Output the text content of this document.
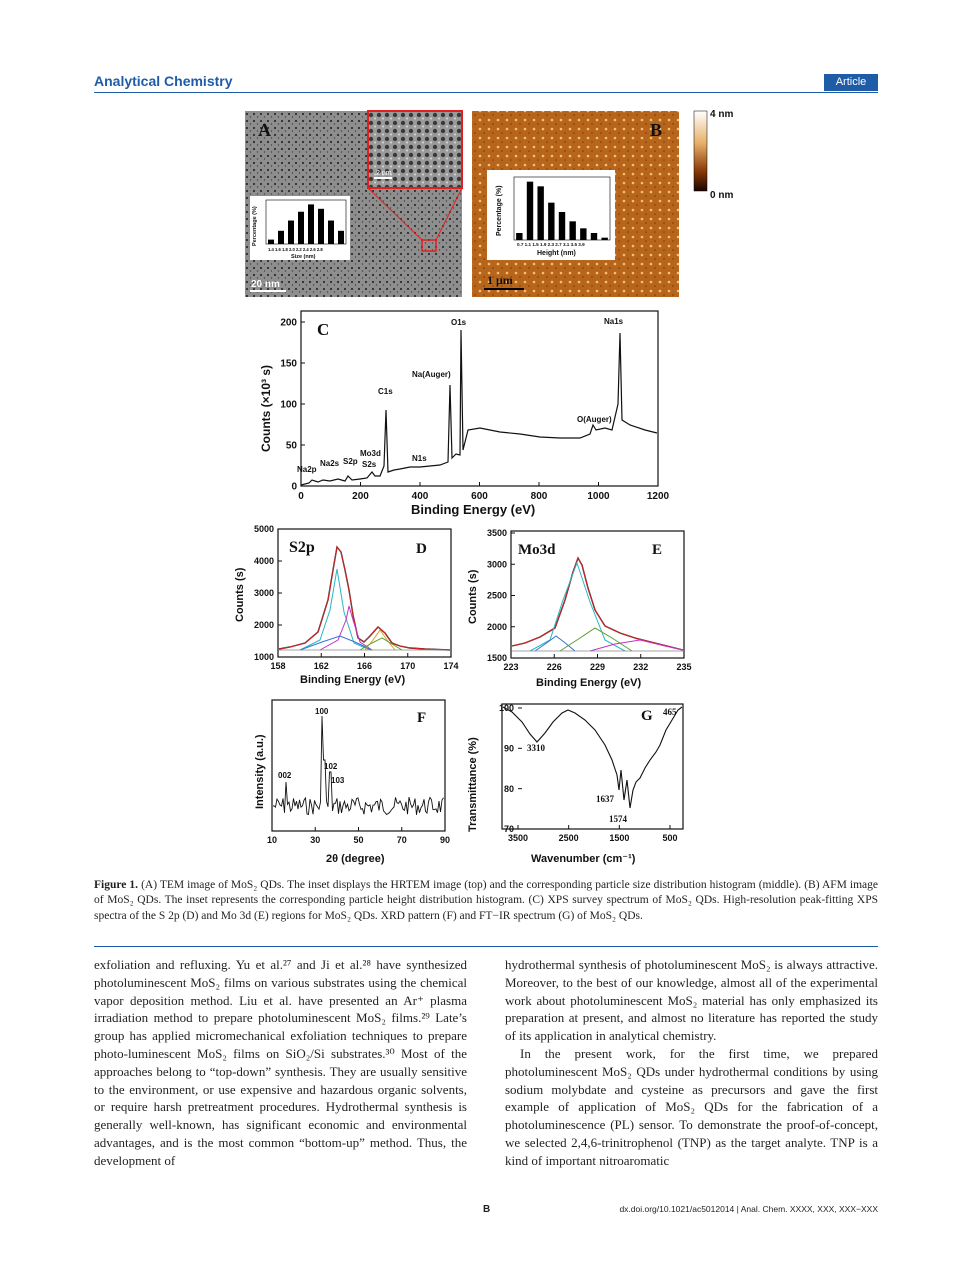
Analytical Chemistry	Article
A
2 nm
Percentage (%)
1.4 1.6 1.8 2.0 2.2 2.4 2.6 2.8
Size (nm)
20 nm
B
Percentage (%)
0.7 1.1 1.5 1.9 2.3 2.7 3.1 3.5 3.9
Height (nm)
1 μm
4 nm
0 nm
0	200	400	600	800	1000	1200
0
50
100
150
200 C
Counts (×10³ s)
Binding Energy (eV)
O1s	Na1s
Na(Auger)
C1s
O(Auger)
Mo3d
N1s
Na2p
Na2s S2p S2s
158	162	166	170	174
1000
2000
3000
4000
5000
S2p	D
Counts (s)
Binding Energy (eV)
223	226	229	232	235
1500
2000
2500
3000
3500
Mo3d	E
Counts (s)
Binding Energy (eV)
10	30	50	70	90
F
Intensity (a.u.)
2θ (degree)
100
102
103
002
3500	2500	1500	500
70
80
90
100	G 465
3310
1637
1574
Transmittance (%)
Wavenumber (cm⁻¹)
Figure 1. (A) TEM image of MoS₂ QDs. The inset displays the HRTEM image (top) and the corresponding particle size distribution histogram (middle). (B) AFM image of MoS₂ QDs. The inset represents the corresponding particle height distribution histogram. (C) XPS survey spectrum of MoS₂ QDs. High-resolution peak-fitting XPS spectra of the S 2p (D) and Mo 3d (E) regions for MoS₂ QDs. XRD pattern (F) and FT−IR spectrum (G) of MoS₂ QDs.

exfoliation and refluxing. Yu et al.²⁷ and Ji et al.²⁸ have synthesized photoluminescent MoS₂ films on various substrates using the chemical vapor deposition method. Liu et al. have presented an Ar⁺ plasma irradiation method to prepare photoluminescent MoS₂ films.²⁹ Late’s group has applied micromechanical exfoliation techniques to prepare photo-luminescent MoS₂ films on SiO₂/Si substrates.³⁰ Most of the approaches belong to “top-down” synthesis. They are usually sensitive to the environment, or use expensive and hazardous organic solvents, or require harsh pretreatment procedures. Hydrothermal synthesis is generally well-known, has significant economic and environmental advantages, and is the most common “bottom-up” method. Thus, the development of

hydrothermal synthesis of photoluminescent MoS₂ is always attractive. Moreover, to the best of our knowledge, almost all of the experimental work about photoluminescent MoS₂ material has only emphasized its preparation at present, and almost no literature has reported the study of its application in analytical chemistry.

In the present work, for the first time, we prepared photoluminescent MoS₂ QDs under hydrothermal conditions by using sodium molybdate and cysteine as precursors and gave the first example of application of MoS₂ QDs for the fabrication of a photoluminescence (PL) sensor. To demonstrate the proof-of-concept, we selected 2,4,6-trinitrophenol (TNP) as the target analyte. TNP is a kind of important nitroaromatic

B	dx.doi.org/10.1021/ac5012014 | Anal. Chem. XXXX, XXX, XXX−XXX
